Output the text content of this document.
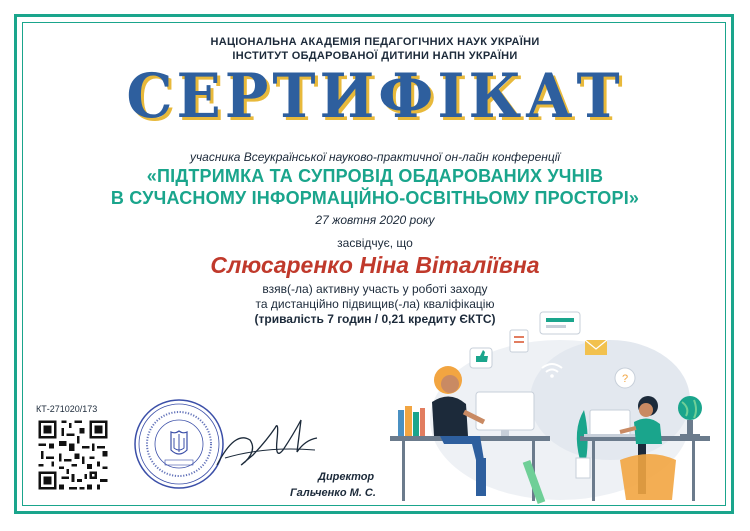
НАЦІОНАЛЬНА АКАДЕМІЯ ПЕДАГОГІЧНИХ НАУК УКРАЇНИ
ІНСТИТУТ ОБДАРОВАНОЇ ДИТИНИ НАПН УКРАЇНИ
СЕРТИФІКАТ
учасника Всеукраїнської науково-практичної он-лайн конференції
«ПІДТРИМКА ТА СУПРОВІД ОБДАРОВАНИХ УЧНІВ
В СУЧАСНОМУ ІНФОРМАЦІЙНО-ОСВІТНЬОМУ ПРОСТОРІ»
27 жовтня 2020 року
засвідчує, що
Слюсаренко Ніна Віталіївна
взяв(-ла) активну участь у роботі заходу
та дистанційно підвищив(-ла) кваліфікацію
(тривалість 7 годин / 0,21 кредиту ЄКТС)
КТ-271020/173
Директор
Гальченко М. С.
?
